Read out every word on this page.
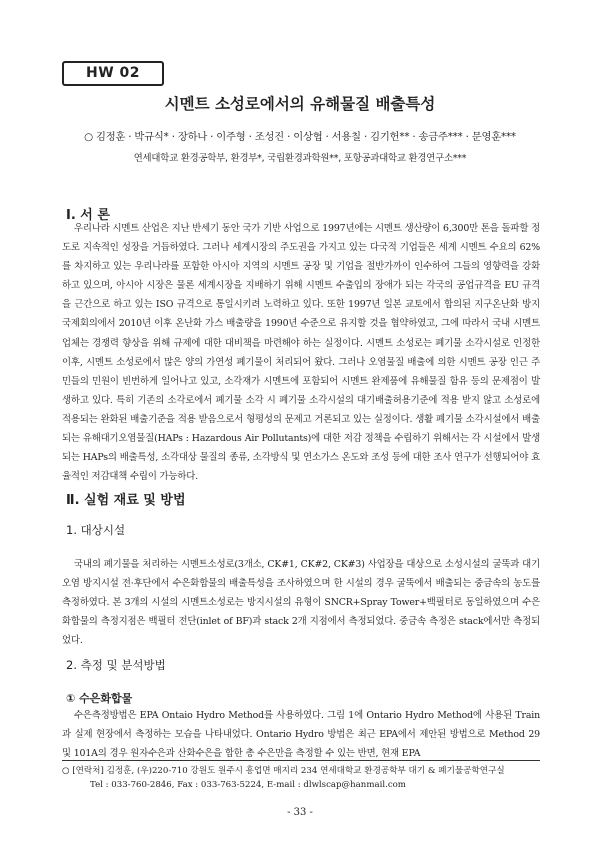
HW 02
시멘트 소성로에서의 유해물질 배출특성
○ 김정훈 · 박규식* · 장하나 · 이주형 · 조성진 · 이상협 · 서용칠 · 김기헌** · 송금주*** · 문영훈***
연세대학교 환경공학부, 환경부*, 국립환경과학원**, 포항공과대학교 환경연구소***
Ⅰ. 서 론
우리나라 시멘트 산업은 지난 반세기 동안 국가 기반 사업으로 1997년에는 시멘트 생산량이 6,300만 톤을 돌파할 정도로 지속적인 성장을 거듭하였다. 그러나 세계시장의 주도권을 가지고 있는 다국적 기업들은 세계 시멘트 수요의 62%를 차지하고 있는 우리나라를 포함한 아시아 지역의 시멘트 공장 및 기업을 절반가까이 인수하여 그들의 영향력을 강화하고 있으며, 아시아 시장은 물론 세계시장을 지배하기 위해 시멘트 수출입의 장애가 되는 각국의 공업규격을 EU 규격을 근간으로 하고 있는 ISO 규격으로 통일시키려 노력하고 있다. 또한 1997년 일본 교토에서 합의된 지구온난화 방지 국제회의에서 2010년 이후 온난화 가스 배출량을 1990년 수준으로 유지할 것을 협약하였고, 그에 따라서 국내 시멘트 업체는 경쟁력 향상을 위해 규제에 대한 대비책을 마련해야 하는 실정이다. 시멘트 소성로는 폐기물 소각시설로 인정한 이후, 시멘트 소성로에서 많은 양의 가연성 폐기물이 처리되어 왔다. 그러나 오염물질 배출에 의한 시멘트 공장 인근 주민들의 민원이 빈번하게 일어나고 있고, 소각재가 시멘트에 포함되어 시멘트 완제품에 유해물질 함유 등의 문제점이 발생하고 있다. 특히 기존의 소각로에서 폐기물 소각 시 폐기물 소각시설의 대기배출허용기준에 적용 받지 않고 소성로에 적용되는 완화된 배출기준을 적용 받음으로서 형평성의 문제고 거론되고 있는 실정이다. 생활 폐기물 소각시설에서 배출되는 유해대기오염물질(HAPs : Hazardous Air Pollutants)에 대한 저감 정책을 수립하기 위해서는 각 시설에서 발생되는 HAPs의 배출특성, 소각대상 물질의 종류, 소각방식 및 연소가스 온도와 조성 등에 대한 조사 연구가 선행되어야 효율적인 저감대책 수립이 가능하다.
Ⅱ. 실험 재료 및 방법
1. 대상시설
국내의 폐기물을 처리하는 시멘트소성로(3개소, CK#1, CK#2, CK#3) 사업장을 대상으로 소성시설의 굴뚝과 대기오염 방지시설 전·후단에서 수은화합물의 배출특성을 조사하였으며 한 시설의 경우 굴뚝에서 배출되는 중금속의 농도를 측정하였다. 본 3개의 시설의 시멘트소성로는 방지시설의 유형이 SNCR+Spray Tower+백필터로 동일하였으며 수은화합물의 측정지점은 백필터 전단(inlet of BF)과 stack 2개 지점에서 측정되었다. 중금속 측정은 stack에서만 측정되었다.
2. 측정 및 분석방법
① 수은화합물
수은측정방법은 EPA Ontaio Hydro Method를 사용하였다. 그림 1에 Ontario Hydro Method에 사용된 Train과 실제 현장에서 측정하는 모습을 나타내었다. Ontario Hydro 방법은 최근 EPA에서 제안된 방법으로 Method 29 및 101A의 경우 원자수은과 산화수은을 합한 총 수은만을 측정할 수 있는 반면, 현재 EPA
○ [연락처] 김정훈, (우)220-710 강원도 원주시 흥업면 매지리 234 연세대학교 환경공학부 대기 & 폐기물공학연구실
Tel : 033-760-2846, Fax : 033-763-5224, E-mail : dlwlscap@hanmail.com
- 33 -
